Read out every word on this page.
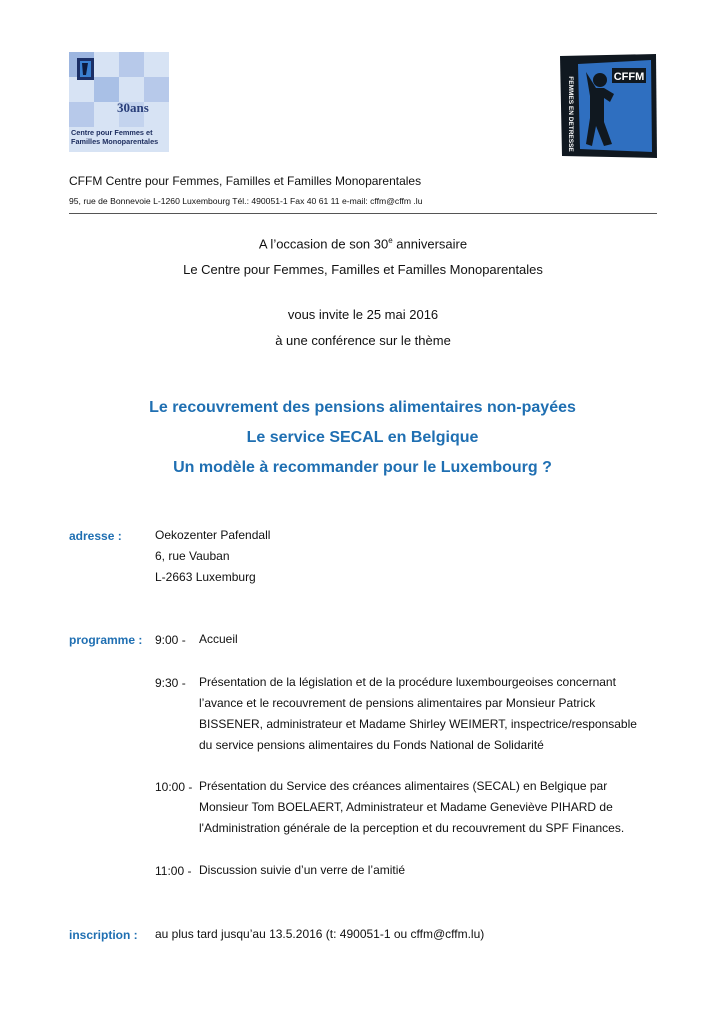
30ans
Centre pour Femmes et
Familles Monoparentales	FEMMES EN DETRESSE	CFFM
CFFM Centre pour Femmes, Familles et Familles Monoparentales
95, rue de Bonnevoie L-1260 Luxembourg Tél.: 490051-1 Fax 40 61 11 e-mail: cffm@cffm .lu
A l’occasion de son 30e anniversaire
Le Centre pour Femmes, Familles et Familles Monoparentales
vous invite le 25 mai 2016
à une conférence sur le thème
Le recouvrement des pensions alimentaires non-payées
Le service SECAL en Belgique
Un modèle à recommander pour le Luxembourg ?
adresse :	Oekozenter Pafendall
6, rue Vauban
L-2663 Luxemburg
programme : 9:00 - Accueil
9:30 - Présentation de la législation et de la procédure luxembourgeoises concernant
l’avance et le recouvrement de pensions alimentaires par Monsieur Patrick
BISSENER, administrateur et Madame Shirley WEIMERT, inspectrice/responsable
du service pensions alimentaires du Fonds National de Solidarité
10:00 - Présentation du Service des créances alimentaires (SECAL) en Belgique par
Monsieur Tom BOELAERT, Administrateur et Madame Geneviève PIHARD de
l'Administration générale de la perception et du recouvrement du SPF Finances.
11:00 - Discussion suivie d’un verre de l’amitié
inscription : au plus tard jusqu’au 13.5.2016 (t: 490051-1 ou cffm@cffm.lu)
